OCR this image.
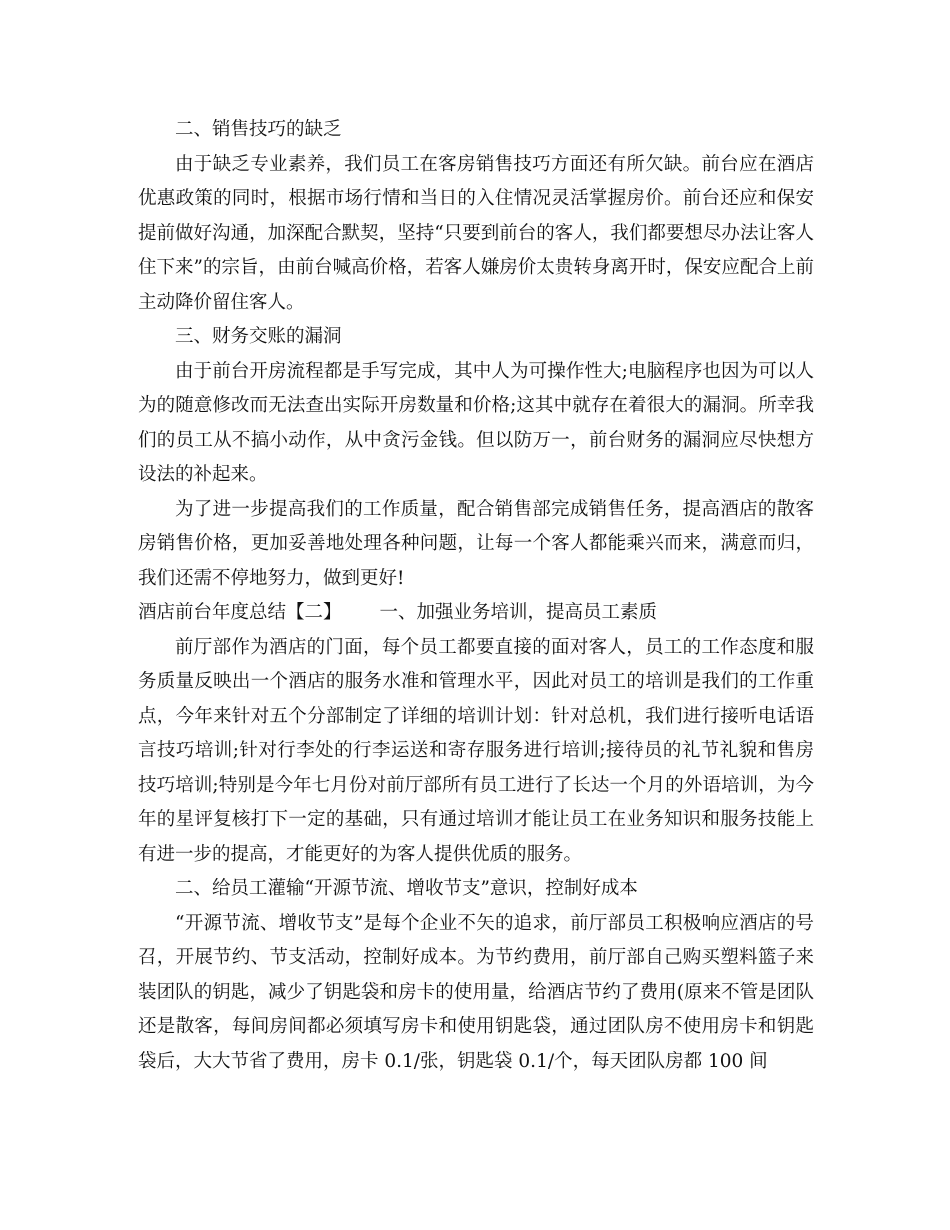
二、销售技巧的缺乏

由于缺乏专业素养，我们员工在客房销售技巧方面还有所欠缺。前台应在酒店优惠政策的同时，根据市场行情和当日的入住情况灵活掌握房价。前台还应和保安提前做好沟通，加深配合默契，坚持“只要到前台的客人，我们都要想尽办法让客人住下来”的宗旨，由前台喊高价格，若客人嫌房价太贵转身离开时，保安应配合上前主动降价留住客人。

三、财务交账的漏洞

由于前台开房流程都是手写完成，其中人为可操作性大;电脑程序也因为可以人为的随意修改而无法查出实际开房数量和价格;这其中就存在着很大的漏洞。所幸我们的员工从不搞小动作，从中贪污金钱。但以防万一，前台财务的漏洞应尽快想方设法的补起来。

为了进一步提高我们的工作质量，配合销售部完成销售任务，提高酒店的散客房销售价格，更加妥善地处理各种问题，让每一个客人都能乘兴而来，满意而归，我们还需不停地努力，做到更好!

酒店前台年度总结【二】 一、加强业务培训，提高员工素质

前厅部作为酒店的门面，每个员工都要直接的面对客人，员工的工作态度和服务质量反映出一个酒店的服务水准和管理水平，因此对员工的培训是我们的工作重点，今年来针对五个分部制定了详细的培训计划：针对总机，我们进行接听电话语言技巧培训;针对行李处的行李运送和寄存服务进行培训;接待员的礼节礼貌和售房技巧培训;特别是今年七月份对前厅部所有员工进行了长达一个月的外语培训，为今年的星评复核打下一定的基础，只有通过培训才能让员工在业务知识和服务技能上有进一步的提高，才能更好的为客人提供优质的服务。

二、给员工灌输“开源节流、增收节支”意识，控制好成本

“开源节流、增收节支”是每个企业不矢的追求，前厅部员工积极响应酒店的号召，开展节约、节支活动，控制好成本。为节约费用，前厅部自己购买塑料篮子来装团队的钥匙，减少了钥匙袋和房卡的使用量，给酒店节约了费用(原来不管是团队还是散客，每间房间都必须填写房卡和使用钥匙袋，通过团队房不使用房卡和钥匙袋后，大大节省了费用，房卡 0.1/张，钥匙袋 0.1/个，每天团队房都 100 间
